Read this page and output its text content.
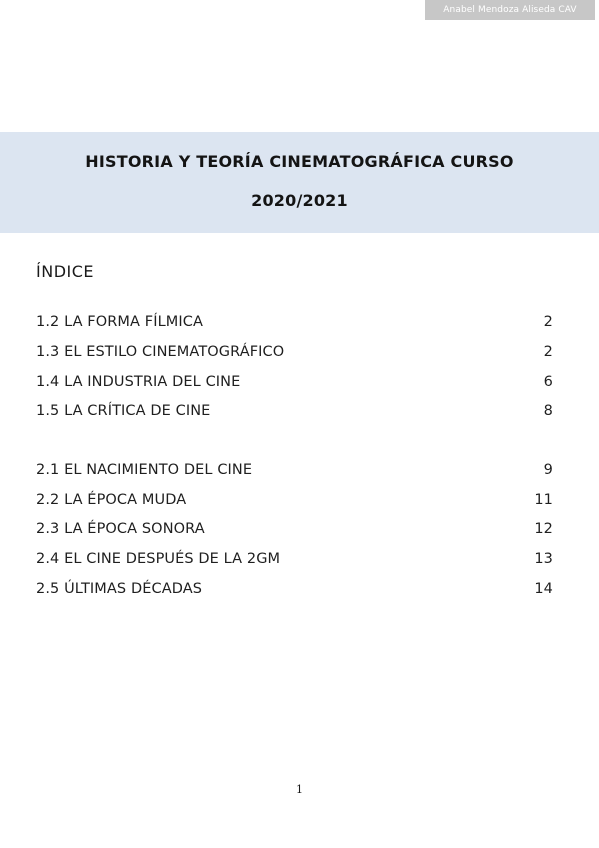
Anabel Mendoza Aliseda CAV
HISTORIA Y TEORÍA CINEMATOGRÁFICA CURSO
2020/2021
ÍNDICE
1.2 LA FORMA FÍLMICA	2
1.3 EL ESTILO CINEMATOGRÁFICO	2
1.4 LA INDUSTRIA DEL CINE	6
1.5 LA CRÍTICA DE CINE	8
2.1 EL NACIMIENTO DEL CINE	9
2.2 LA ÉPOCA MUDA	11
2.3 LA ÉPOCA SONORA	12
2.4 EL CINE DESPUÉS DE LA 2GM	13
2.5 ÚLTIMAS DÉCADAS	14
1
